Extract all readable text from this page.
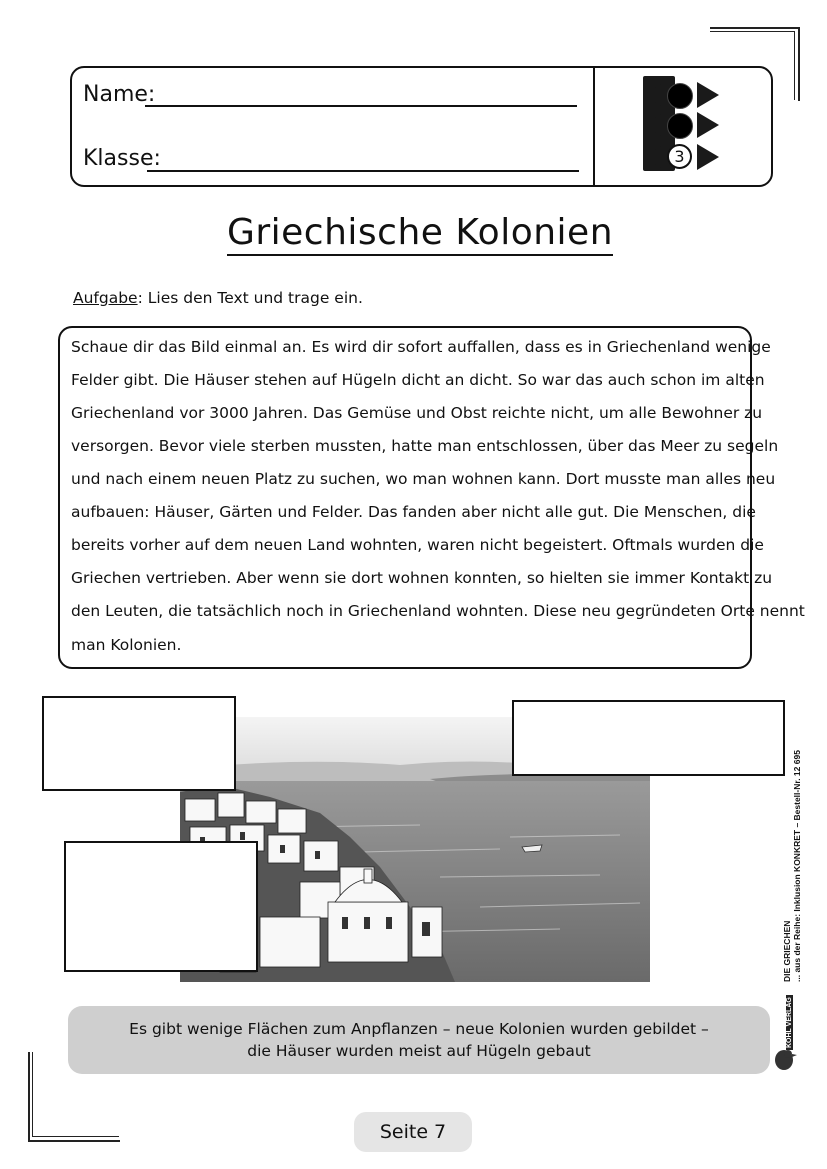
Name:
Klasse:	3
Griechische Kolonien
Aufgabe: Lies den Text und trage ein.
Schaue dir das Bild einmal an. Es wird dir sofort auffallen, dass es in Griechenland wenige
Felder gibt. Die Häuser stehen auf Hügeln dicht an dicht. So war das auch schon im alten
Griechenland vor 3000 Jahren. Das Gemüse und Obst reichte nicht, um alle Bewohner zu
versorgen. Bevor viele sterben mussten, hatte man entschlossen, über das Meer zu segeln
und nach einem neuen Platz zu suchen, wo man wohnen kann. Dort musste man alles neu
aufbauen: Häuser, Gärten und Felder. Das fanden aber nicht alle gut. Die Menschen, die
bereits vorher auf dem neuen Land wohnten, waren nicht begeistert. Oftmals wurden die
Griechen vertrieben. Aber wenn sie dort wohnen konnten, so hielten sie immer Kontakt zu
den Leuten, die tatsächlich noch in Griechenland wohnten. Diese neu gegründeten Orte nennt
man Kolonien.
Es gibt wenige Flächen zum Anpflanzen – neue Kolonien wurden gebildet –
die Häuser wurden meist auf Hügeln gebaut
DIE GRIECHEN ... aus der Reihe: Inklusion KONKRET – Bestell-Nr. 12 695
KOHL VERLAG
Seite 7
